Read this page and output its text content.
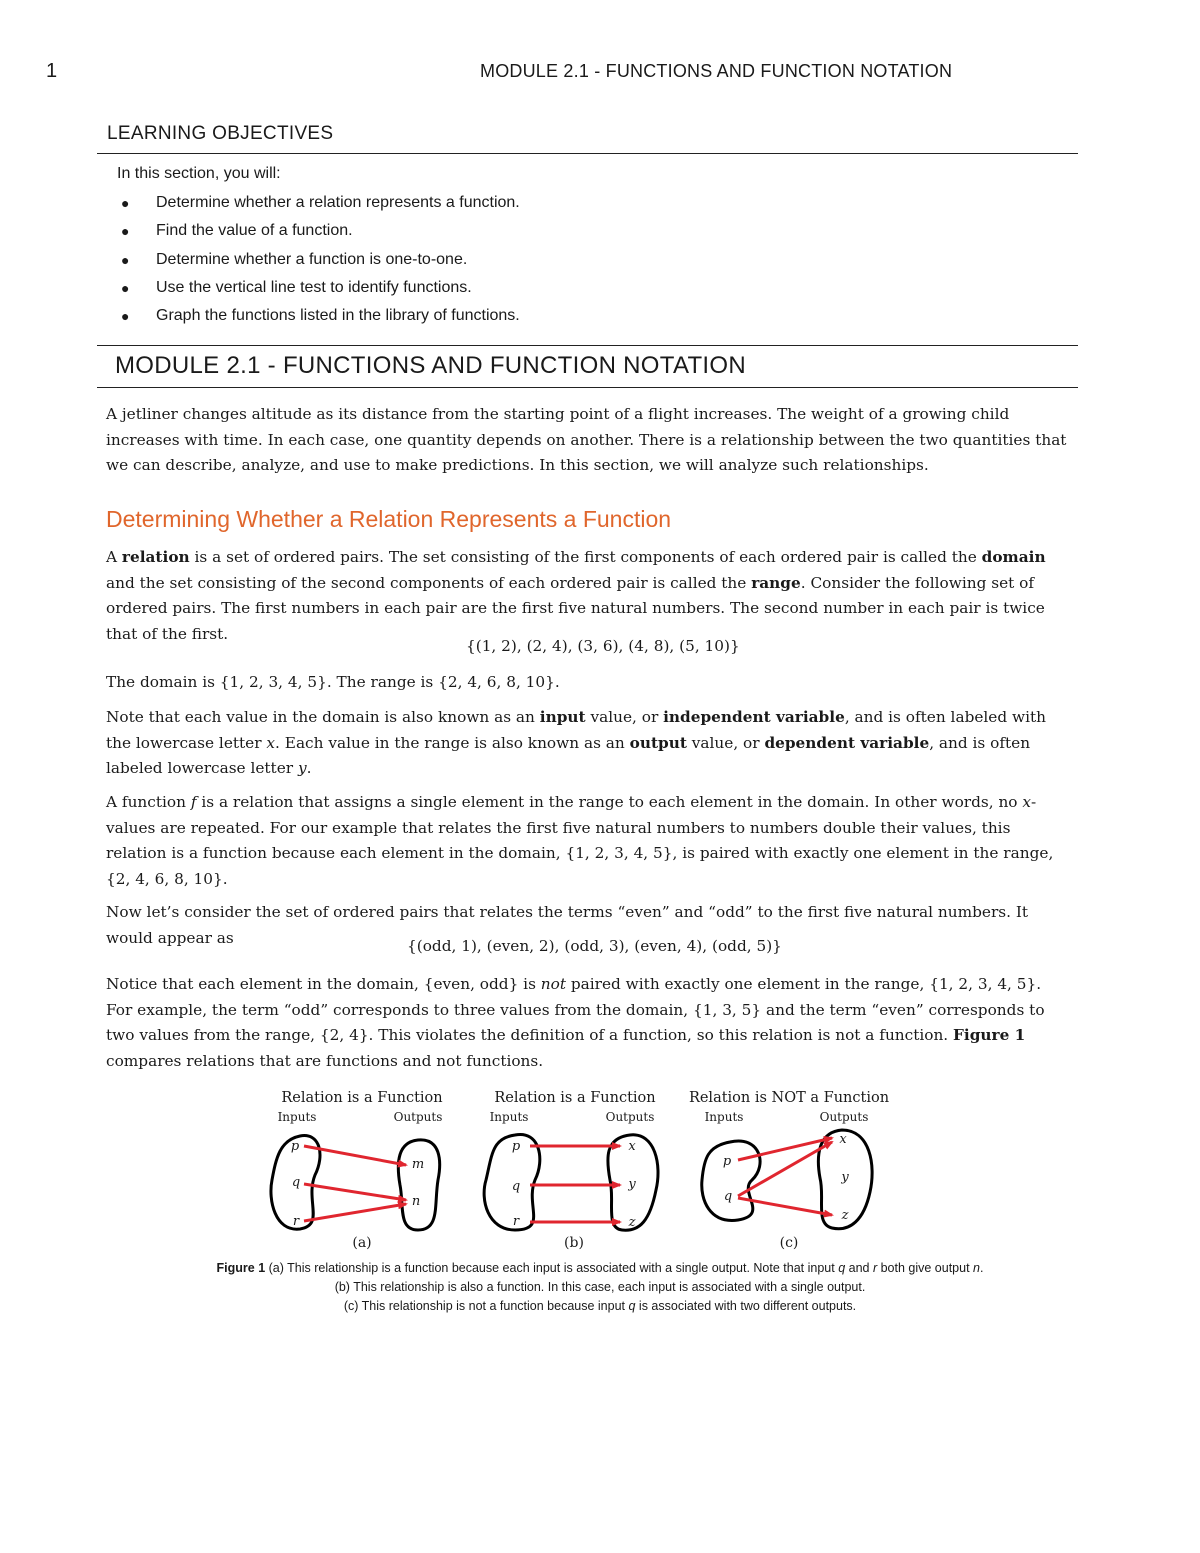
1	MODULE 2.1 - FUNCTIONS AND FUNCTION NOTATION
LEARNING OBJECTIVES
In this section, you will:
●	Determine whether a relation represents a function.
●	Find the value of a function.
●	Determine whether a function is one-to-one.
●	Use the vertical line test to identify functions.
●	Graph the functions listed in the library of functions.
MODULE 2.1 - FUNCTIONS AND FUNCTION NOTATION

A jetliner changes altitude as its distance from the starting point of a flight increases. The weight of a growing child increases with time. In each case, one quantity depends on another. There is a relationship between the two quantities that we can describe, analyze, and use to make predictions. In this section, we will analyze such relationships.

Determining Whether a Relation Represents a Function

A relation is a set of ordered pairs. The set consisting of the first components of each ordered pair is called the domain and the set consisting of the second components of each ordered pair is called the range. Consider the following set of ordered pairs. The first numbers in each pair are the first five natural numbers. The second number in each pair is twice that of the first.

{(1, 2), (2, 4), (3, 6), (4, 8), (5, 10)}

The domain is {1, 2, 3, 4, 5}. The range is {2, 4, 6, 8, 10}.

Note that each value in the domain is also known as an input value, or independent variable, and is often labeled with the lowercase letter x. Each value in the range is also known as an output value, or dependent variable, and is often labeled lowercase letter y.

A function f is a relation that assigns a single element in the range to each element in the domain. In other words, no x-values are repeated. For our example that relates the first five natural numbers to numbers double their values, this relation is a function because each element in the domain, {1, 2, 3, 4, 5}, is paired with exactly one element in the range, {2, 4, 6, 8, 10}.

Now let’s consider the set of ordered pairs that relates the terms “even” and “odd” to the first five natural numbers. It would appear as	{(odd, 1), (even, 2), (odd, 3), (even, 4), (odd, 5)}

Notice that each element in the domain, {even, odd} is not paired with exactly one element in the range, {1, 2, 3, 4, 5}. For example, the term “odd” corresponds to three values from the domain, {1, 3, 5} and the term “even” corresponds to two values from the range, {2, 4}. This violates the definition of a function, so this relation is not a function. Figure 1 compares relations that are functions and not functions.

Relation is a Function
Inputs	Outputs
p
q
r
m
n
(a)
Relation is a Function
Inputs	Outputs
p
q
r
x
y
z
(b)
Relation is NOT a Function
Inputs	Outputs
p
q
x
y
z
(c)
Figure 1 (a) This relationship is a function because each input is associated with a single output. Note that input q and r both give output n.
(b) This relationship is also a function. In this case, each input is associated with a single output.
(c) This relationship is not a function because input q is associated with two different outputs.
